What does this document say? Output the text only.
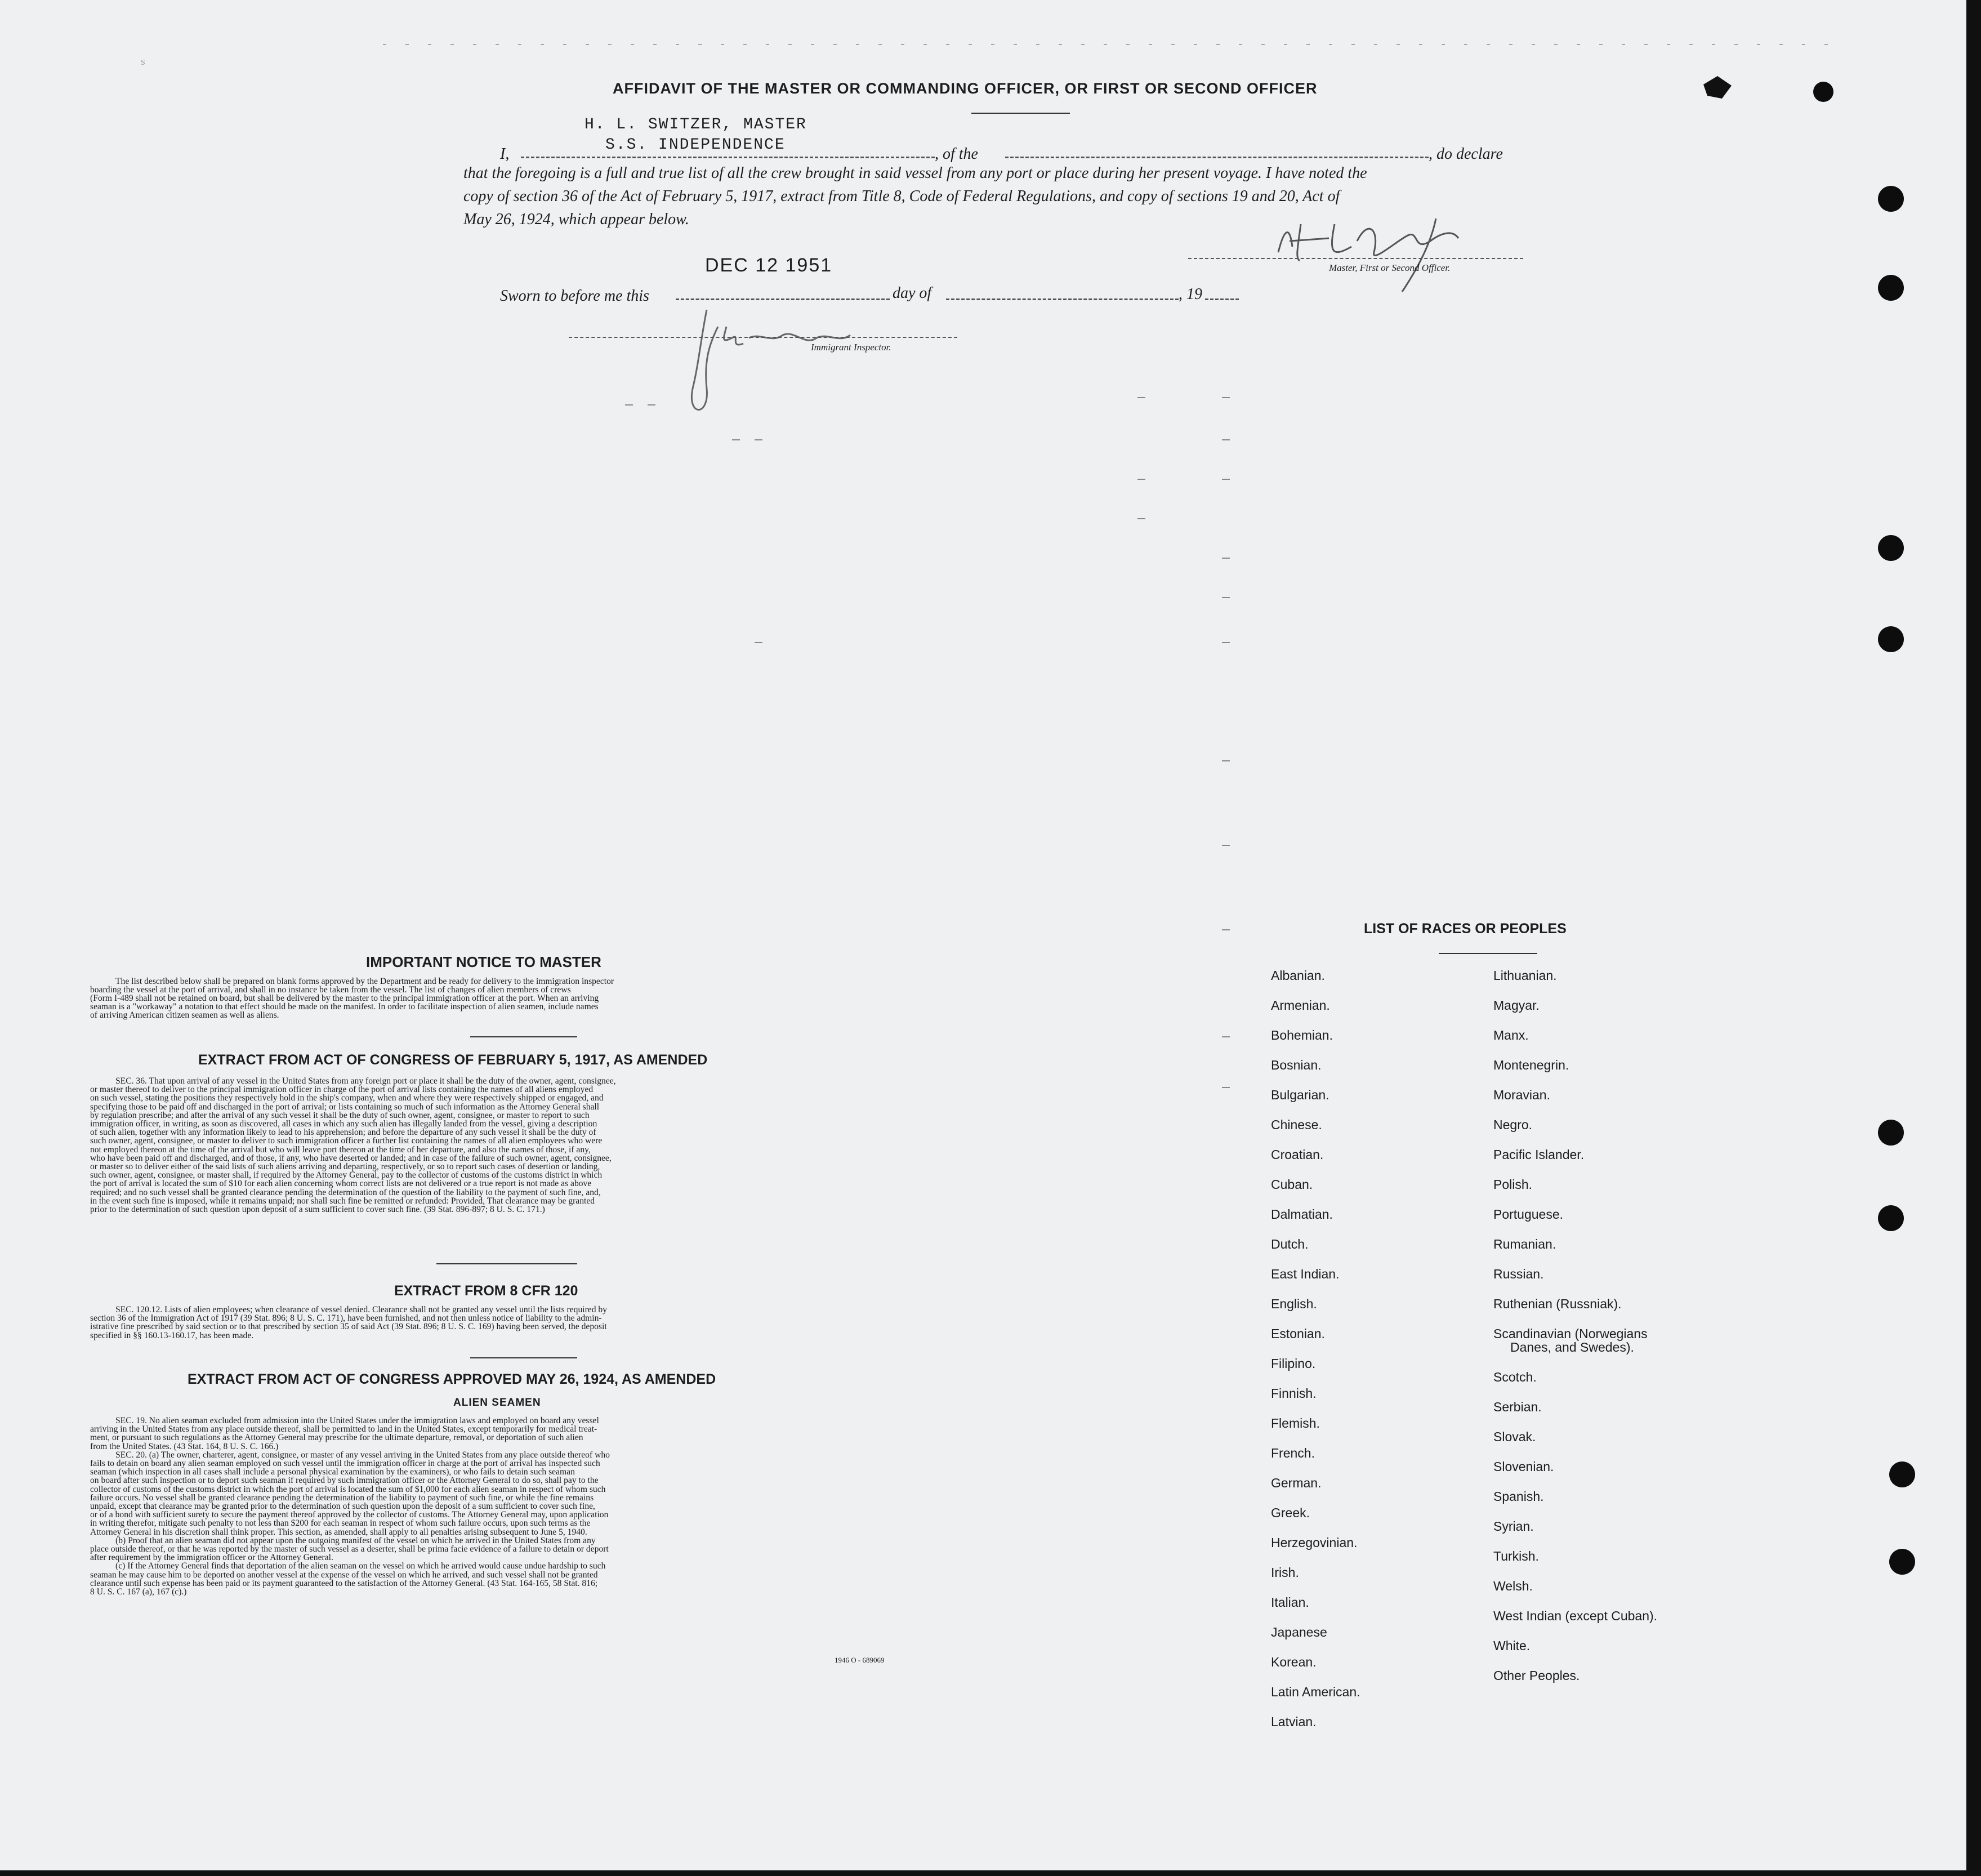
S
AFFIDAVIT OF THE MASTER OR COMMANDING OFFICER, OR FIRST OR SECOND OFFICER
H. L. SWITZER, MASTER
S.S. INDEPENDENCE
I,	, of the	, do declare
that the foregoing is a full and true list of all the crew brought in said vessel from any port or place during her present voyage. I have noted the
copy of section 36 of the Act of February 5, 1917, extract from Title 8, Code of Federal Regulations, and copy of sections 19 and 20, Act of
May 26, 1924, which appear below.
Master, First or Second Officer.
DEC 12 1951
Sworn to before me this	day of	, 19
Immigrant Inspector.
IMPORTANT NOTICE TO MASTER
The list described below shall be prepared on blank forms approved by the Department and be ready for delivery to the immigration inspector
boarding the vessel at the port of arrival, and shall in no instance be taken from the vessel. The list of changes of alien members of crews
(Form I-489 shall not be retained on board, but shall be delivered by the master to the principal immigration officer at the port. When an arriving
seaman is a "workaway" a notation to that effect should be made on the manifest. In order to facilitate inspection of alien seamen, include names
of arriving American citizen seamen as well as aliens.
EXTRACT FROM ACT OF CONGRESS OF FEBRUARY 5, 1917, AS AMENDED
SEC. 36. That upon arrival of any vessel in the United States from any foreign port or place it shall be the duty of the owner, agent, consignee,
or master thereof to deliver to the principal immigration officer in charge of the port of arrival lists containing the names of all aliens employed
on such vessel, stating the positions they respectively hold in the ship's company, when and where they were respectively shipped or engaged, and
specifying those to be paid off and discharged in the port of arrival; or lists containing so much of such information as the Attorney General shall
by regulation prescribe; and after the arrival of any such vessel it shall be the duty of such owner, agent, consignee, or master to report to such
immigration officer, in writing, as soon as discovered, all cases in which any such alien has illegally landed from the vessel, giving a description
of such alien, together with any information likely to lead to his apprehension; and before the departure of any such vessel it shall be the duty of
such owner, agent, consignee, or master to deliver to such immigration officer a further list containing the names of all alien employees who were
not employed thereon at the time of the arrival but who will leave port thereon at the time of her departure, and also the names of those, if any,
who have been paid off and discharged, and of those, if any, who have deserted or landed; and in case of the failure of such owner, agent, consignee,
or master so to deliver either of the said lists of such aliens arriving and departing, respectively, or so to report such cases of desertion or landing,
such owner, agent, consignee, or master shall, if required by the Attorney General, pay to the collector of customs of the customs district in which
the port of arrival is located the sum of $10 for each alien concerning whom correct lists are not delivered or a true report is not made as above
required; and no such vessel shall be granted clearance pending the determination of the question of the liability to the payment of such fine, and,
in the event such fine is imposed, while it remains unpaid; nor shall such fine be remitted or refunded: Provided, That clearance may be granted
prior to the determination of such question upon deposit of a sum sufficient to cover such fine. (39 Stat. 896-897; 8 U. S. C. 171.)
EXTRACT FROM 8 CFR 120
SEC. 120.12. Lists of alien employees; when clearance of vessel denied. Clearance shall not be granted any vessel until the lists required by
section 36 of the Immigration Act of 1917 (39 Stat. 896; 8 U. S. C. 171), have been furnished, and not then unless notice of liability to the admin-
istrative fine prescribed by said section or to that prescribed by section 35 of said Act (39 Stat. 896; 8 U. S. C. 169) having been served, the deposit
specified in §§ 160.13-160.17, has been made.
EXTRACT FROM ACT OF CONGRESS APPROVED MAY 26, 1924, AS AMENDED
ALIEN SEAMEN
SEC. 19. No alien seaman excluded from admission into the United States under the immigration laws and employed on board any vessel
arriving in the United States from any place outside thereof, shall be permitted to land in the United States, except temporarily for medical treat-
ment, or pursuant to such regulations as the Attorney General may prescribe for the ultimate departure, removal, or deportation of such alien
from the United States. (43 Stat. 164, 8 U. S. C. 166.)
SEC. 20. (a) The owner, charterer, agent, consignee, or master of any vessel arriving in the United States from any place outside thereof who
fails to detain on board any alien seaman employed on such vessel until the immigration officer in charge at the port of arrival has inspected such
seaman (which inspection in all cases shall include a personal physical examination by the examiners), or who fails to detain such seaman
on board after such inspection or to deport such seaman if required by such immigration officer or the Attorney General to do so, shall pay to the
collector of customs of the customs district in which the port of arrival is located the sum of $1,000 for each alien seaman in respect of whom such
failure occurs. No vessel shall be granted clearance pending the determination of the liability to payment of such fine, or while the fine remains
unpaid, except that clearance may be granted prior to the determination of such question upon the deposit of a sum sufficient to cover such fine,
or of a bond with sufficient surety to secure the payment thereof approved by the collector of customs. The Attorney General may, upon application
in writing therefor, mitigate such penalty to not less than $200 for each seaman in respect of whom such failure occurs, upon such terms as the
Attorney General in his discretion shall think proper. This section, as amended, shall apply to all penalties arising subsequent to June 5, 1940.
(b) Proof that an alien seaman did not appear upon the outgoing manifest of the vessel on which he arrived in the United States from any
place outside thereof, or that he was reported by the master of such vessel as a deserter, shall be prima facie evidence of a failure to detain or deport
after requirement by the immigration officer or the Attorney General.
(c) If the Attorney General finds that deportation of the alien seaman on the vessel on which he arrived would cause undue hardship to such
seaman he may cause him to be deported on another vessel at the expense of the vessel on which he arrived, and such vessel shall not be granted
clearance until such expense has been paid or its payment guaranteed to the satisfaction of the Attorney General. (43 Stat. 164-165, 58 Stat. 816;
8 U. S. C. 167 (a), 167 (c).)
1946 O - 689069
LIST OF RACES OR PEOPLES
Albanian.
Armenian.
Bohemian.
Bosnian.
Bulgarian.
Chinese.
Croatian.
Cuban.
Dalmatian.
Dutch.
East Indian.
English.
Estonian.
Filipino.
Finnish.
Flemish.
French.
German.
Greek.
Herzegovinian.
Irish.
Italian.
Japanese
Korean.
Latin American.
Latvian.
Lithuanian.
Magyar.
Manx.
Montenegrin.
Moravian.
Negro.
Pacific Islander.
Polish.
Portuguese.
Rumanian.
Russian.
Ruthenian (Russniak).
Scandinavian (Norwegians
Danes, and Swedes).
Scotch.
Serbian.
Slovak.
Slovenian.
Spanish.
Syrian.
Turkish.
Welsh.
West Indian (except Cuban).
White.
Other Peoples.
